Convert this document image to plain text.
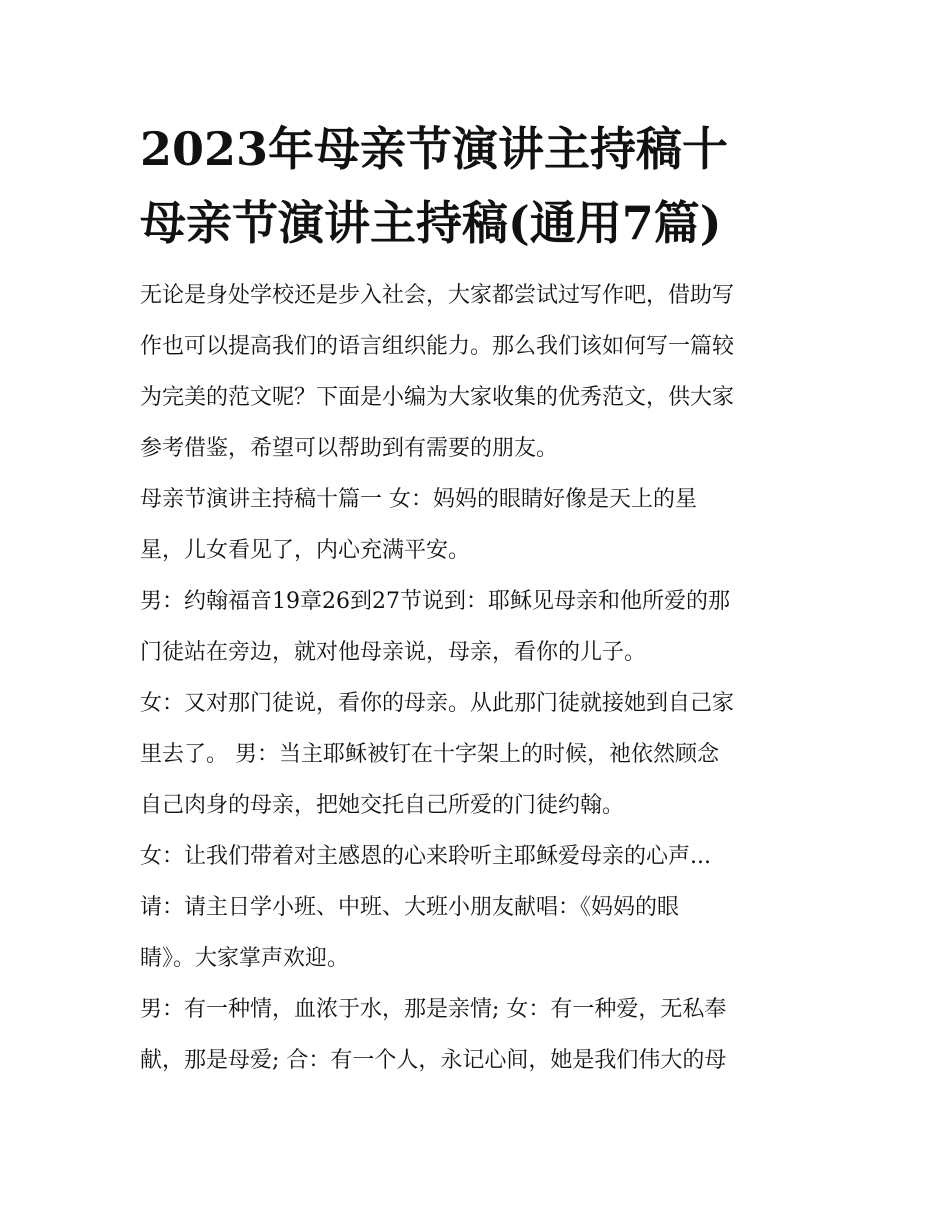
2023年母亲节演讲主持稿十
母亲节演讲主持稿(通用7篇)

无论是身处学校还是步入社会，大家都尝试过写作吧，借助写
作也可以提高我们的语言组织能力。那么我们该如何写一篇较
为完美的范文呢？下面是小编为大家收集的优秀范文，供大家
参考借鉴，希望可以帮助到有需要的朋友。

母亲节演讲主持稿十篇一 女：妈妈的眼睛好像是天上的星
星，儿女看见了，内心充满平安。

男：约翰福音19章26到27节说到：耶稣见母亲和他所爱的那
门徒站在旁边，就对他母亲说，母亲，看你的儿子。

女：又对那门徒说，看你的母亲。从此那门徒就接她到自己家
里去了。 男：当主耶稣被钉在十字架上的时候，祂依然顾念
自己肉身的母亲，把她交托自己所爱的门徒约翰。

女：让我们带着对主感恩的心来聆听主耶稣爱母亲的心声...

请：请主日学小班、中班、大班小朋友献唱：《妈妈的眼
睛》。大家掌声欢迎。

男：有一种情，血浓于水，那是亲情; 女：有一种爱，无私奉
献，那是母爱; 合：有一个人，永记心间，她是我们伟大的母
